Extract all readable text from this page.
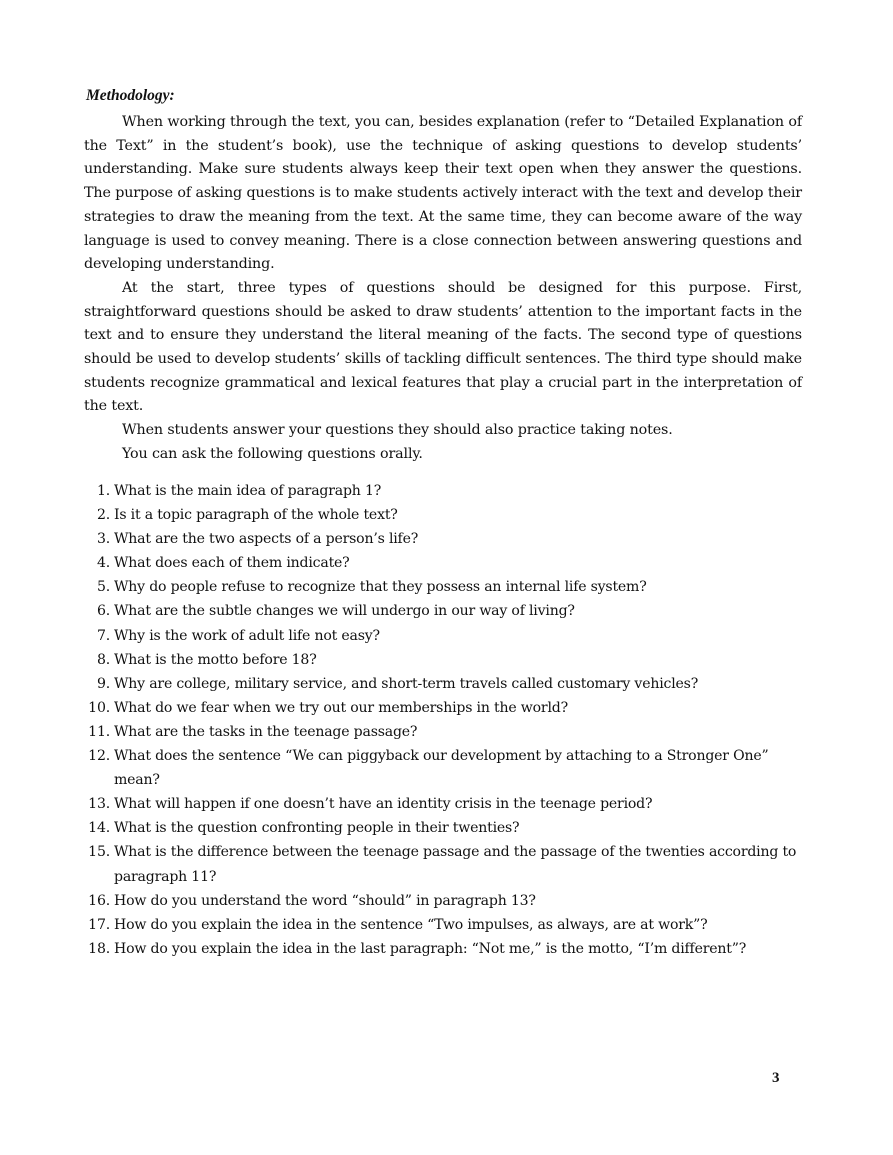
Methodology:

When working through the text, you can, besides explanation (refer to “Detailed Explanation of the Text” in the student’s book), use the technique of asking questions to develop students’ understanding. Make sure students always keep their text open when they answer the questions. The purpose of asking questions is to make students actively interact with the text and develop their strategies to draw the meaning from the text. At the same time, they can become aware of the way language is used to convey meaning. There is a close connection between answering questions and developing understanding.

At the start, three types of questions should be designed for this purpose. First, straightforward questions should be asked to draw students’ attention to the important facts in the text and to ensure they understand the literal meaning of the facts. The second type of questions should be used to develop students’ skills of tackling difficult sentences. The third type should make students recognize grammatical and lexical features that play a crucial part in the interpretation of the text.

When students answer your questions they should also practice taking notes.

You can ask the following questions orally.

1. What is the main idea of paragraph 1?
2. Is it a topic paragraph of the whole text?
3. What are the two aspects of a person’s life?
4. What does each of them indicate?
5. Why do people refuse to recognize that they possess an internal life system?
6. What are the subtle changes we will undergo in our way of living?
7. Why is the work of adult life not easy?
8. What is the motto before 18?
9. Why are college, military service, and short-term travels called customary vehicles?
10. What do we fear when we try out our memberships in the world?
11. What are the tasks in the teenage passage?
12. What does the sentence “We can piggyback our development by attaching to a Stronger One” mean?
13. What will happen if one doesn’t have an identity crisis in the teenage period?
14. What is the question confronting people in their twenties?
15. What is the difference between the teenage passage and the passage of the twenties according to paragraph 11?
16. How do you understand the word “should” in paragraph 13?
17. How do you explain the idea in the sentence “Two impulses, as always, are at work”?
18. How do you explain the idea in the last paragraph: “Not me,” is the motto, “I’m different”?
3
